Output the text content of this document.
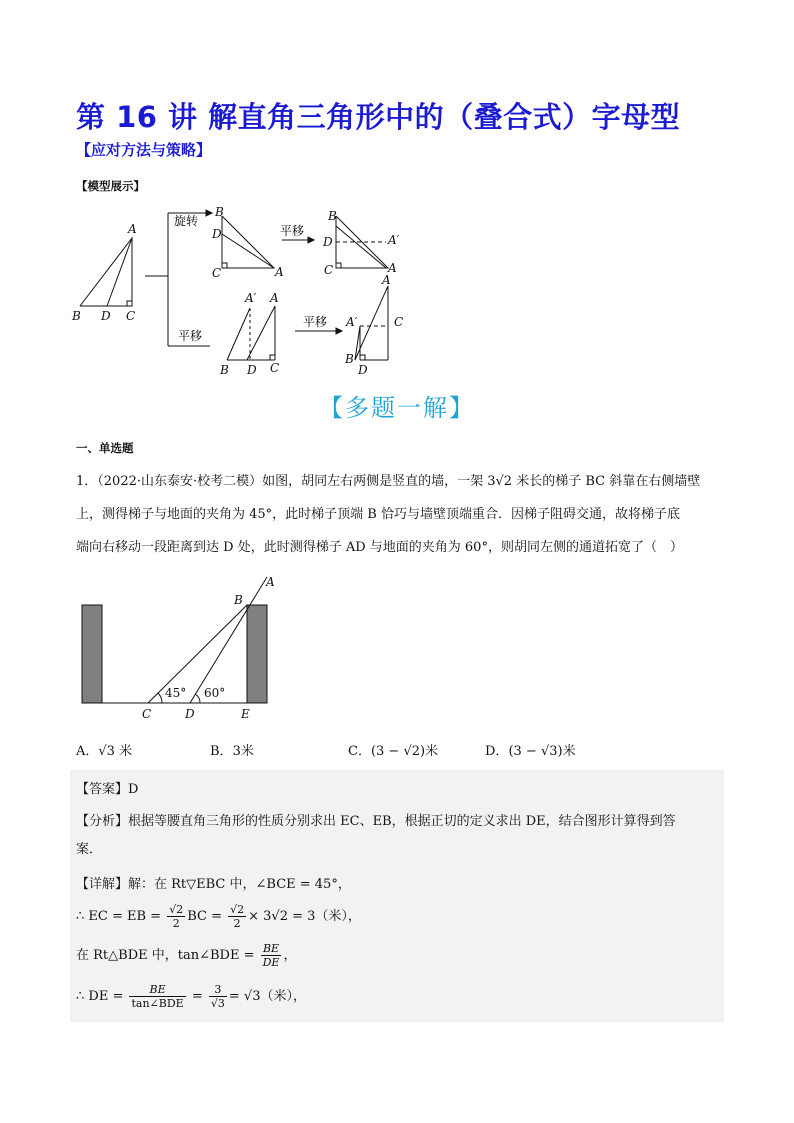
第 16 讲 解直角三角形中的（叠合式）字母型
【应对方法与策略】
【模型展示】
A
B D C
B
D
C	A
B
D
C
A′
A
A′ A
B D C
A
A′	C
B
D
旋转
平移
平移
平移
【多题一解】
一、单选题
1．（2022·山东泰安·校考二模）如图，胡同左右两侧是竖直的墙，一架 3√2 米长的梯子 BC 斜靠在右侧墙壁
上，测得梯子与地面的夹角为 45°，此时梯子顶端 B 恰巧与墙壁顶端重合．因梯子阻碍交通，故将梯子底
端向右移动一段距离到达 D 处，此时测得梯子 AD 与地面的夹角为 60°，则胡同左侧的通道拓宽了（　）
A
B
C	D	E
45° 60°
A．√3 米	B．3米	C．(3 − √2)米	D．(3 − √3)米
【答案】D
【分析】根据等腰直角三角形的性质分别求出 EC、EB，根据正切的定义求出 DE，结合图形计算得到答
案．
【详解】解：在 Rt▽EBC 中，∠BCE = 45°，
∴ EC = EB = $\frac{√2}{2}$ BC = $\frac{√2}{2} \times 3√2 = 3$（米），
在 Rt△BDE 中，tan∠BDE = $\frac{BE}{DE}$ ，
∴ DE = $\frac{BE}{\text{tan∠BDE}} = \frac{3}{√3} = √3$（米），
